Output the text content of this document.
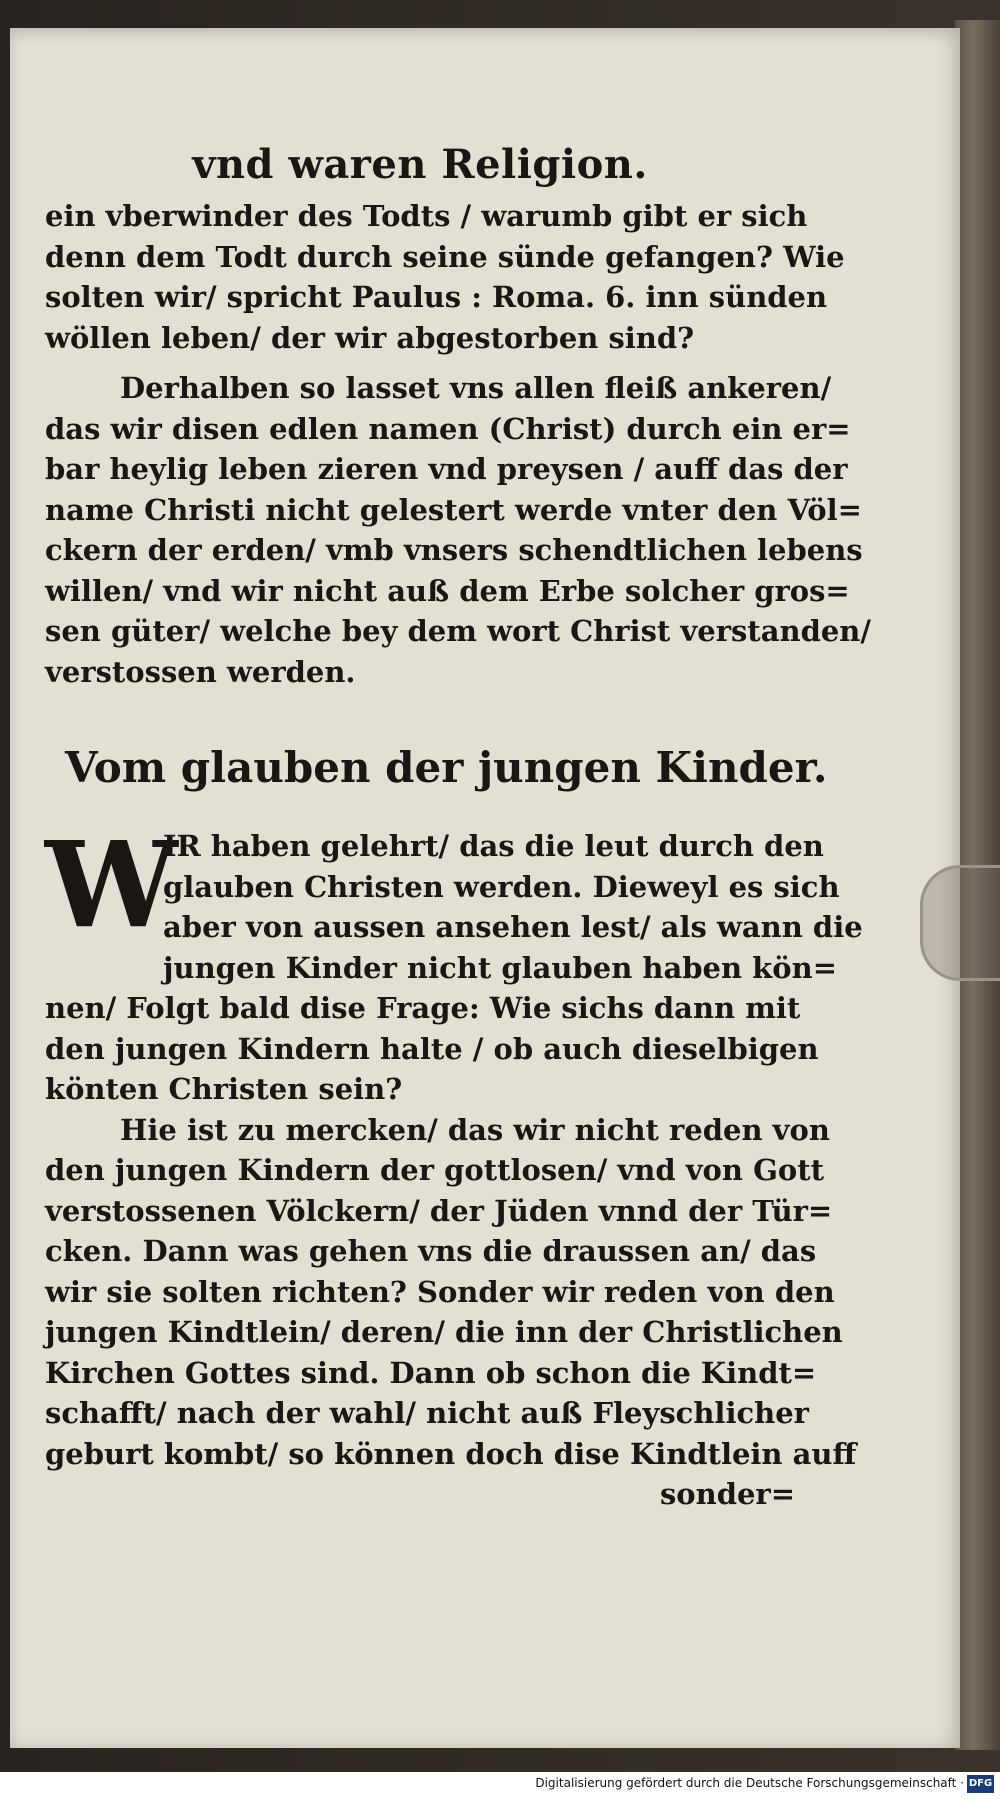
vnd waren Religion.

ein vberwinder des Todts / warumb gibt er sich

denn dem Todt durch seine sünde gefangen? Wie

solten wir/ spricht Paulus : Roma. 6. inn sünden

wöllen leben/ der wir abgestorben sind?

Derhalben so lasset vns allen fleiß ankeren/

das wir disen edlen namen (Christ) durch ein er=

bar heylig leben zieren vnd preysen / auff das der

name Christi nicht gelestert werde vnter den Völ=

ckern der erden/ vmb vnsers schendtlichen lebens

willen/ vnd wir nicht auß dem Erbe solcher gros=

sen güter/ welche bey dem wort Christ verstanden/

verstossen werden.

Vom glauben der jungen Kinder.
W

IR haben gelehrt/ das die leut durch den

glauben Christen werden. Dieweyl es sich

aber von aussen ansehen lest/ als wann die

jungen Kinder nicht glauben haben kön=

nen/ Folgt bald dise Frage: Wie sichs dann mit

den jungen Kindern halte / ob auch dieselbigen

könten Christen sein?

Hie ist zu mercken/ das wir nicht reden von

den jungen Kindern der gottlosen/ vnd von Gott

verstossenen Völckern/ der Jüden vnnd der Tür=

cken. Dann was gehen vns die draussen an/ das

wir sie solten richten? Sonder wir reden von den

jungen Kindtlein/ deren/ die inn der Christlichen

Kirchen Gottes sind. Dann ob schon die Kindt=

schafft/ nach der wahl/ nicht auß Fleyschlicher

geburt kombt/ so können doch dise Kindtlein auff

sonder=

Digitalisierung gefördert durch die Deutsche Forschungsgemeinschaft · DFG
